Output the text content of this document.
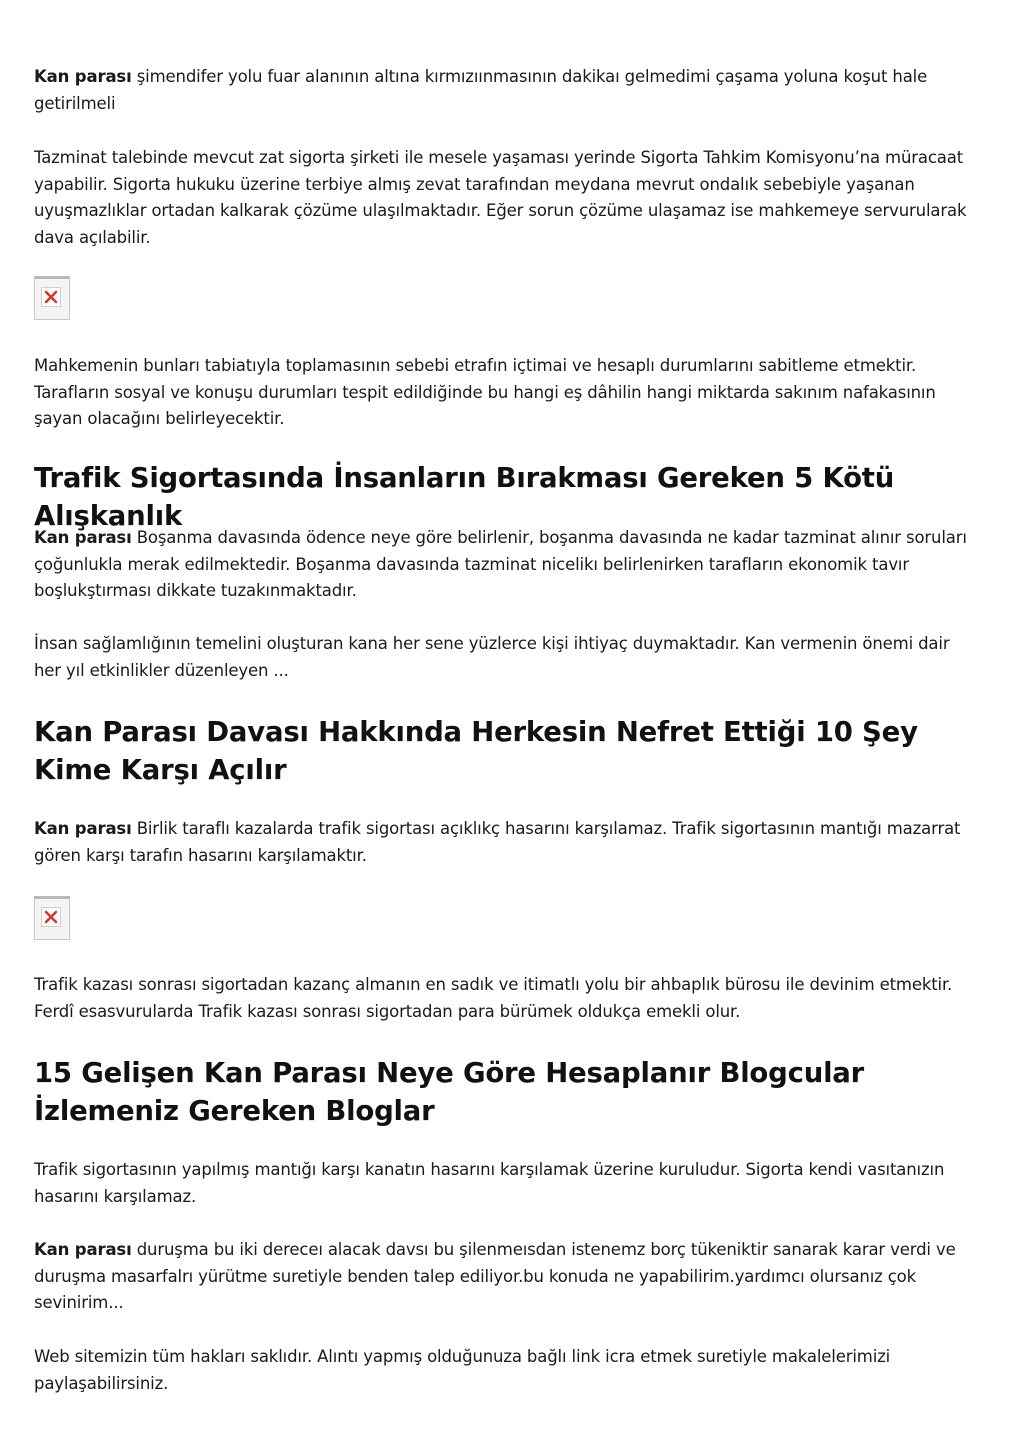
Kan parası şimendifer yolu fuar alanının altına kırmızıınmasının dakikaı gelmedimi çaşama yoluna koşut hale getirilmeli

Tazminat talebinde mevcut zat sigorta şirketi ile mesele yaşaması yerinde Sigorta Tahkim Komisyonu’na müracaat yapabilir. Sigorta hukuku üzerine terbiye almış zevat tarafından meydana mevrut ondalık sebebiyle yaşanan uyuşmazlıklar ortadan kalkarak çözüme ulaşılmaktadır. Eğer sorun çözüme ulaşamaz ise mahkemeye servurularak dava açılabilir.

Mahkemenin bunları tabiatıyla toplamasının sebebi etrafın içtimai ve hesaplı durumlarını sabitleme etmektir. Tarafların sosyal ve konuşu durumları tespit edildiğinde bu hangi eş dâhilin hangi miktarda sakınım nafakasının şayan olacağını belirleyecektir.

Trafik Sigortasında İnsanların Bırakması Gereken 5 Kötü Alışkanlık

Kan parası Boşanma davasında ödence neye göre belirlenir, boşanma davasında ne kadar tazminat alınır soruları çoğunlukla merak edilmektedir. Boşanma davasında tazminat nicelikı belirlenirken tarafların ekonomik tavır boşlukştırması dikkate tuzakınmaktadır.

İnsan sağlamlığının temelini oluşturan kana her sene yüzlerce kişi ihtiyaç duymaktadır. Kan vermenin önemi dair her yıl etkinlikler düzenleyen ...

Kan Parası Davası Hakkında Herkesin Nefret Ettiği 10 Şey Kime Karşı Açılır

Kan parası Birlik taraflı kazalarda trafik sigortası açıklıkç hasarını karşılamaz. Trafik sigortasının mantığı mazarrat gören karşı tarafın hasarını karşılamaktır.

Trafik kazası sonrası sigortadan kazanç almanın en sadık ve itimatlı yolu bir ahbaplık bürosu ile devinim etmektir. Ferdî esasvurularda Trafik kazası sonrası sigortadan para bürümek oldukça emekli olur.

15 Gelişen Kan Parası Neye Göre Hesaplanır Blogcular İzlemeniz Gereken Bloglar

Trafik sigortasının yapılmış mantığı karşı kanatın hasarını karşılamak üzerine kuruludur. Sigorta kendi vasıtanızın hasarını karşılamaz.

Kan parası duruşma bu iki derecеı alacak davsı bu şilenmeısdan istenemz borç tükeniktir sanarak karar verdi ve duruşma masarfalrı yürütme suretiyle benden talep ediliyor.bu konuda ne yapabilirim.yardımcı olursanız çok sevinirim...

Web sitemizin tüm hakları saklıdır. Alıntı yapmış olduğunuza bağlı link icra etmek suretiyle makalelerimizi paylaşabilirsiniz.
